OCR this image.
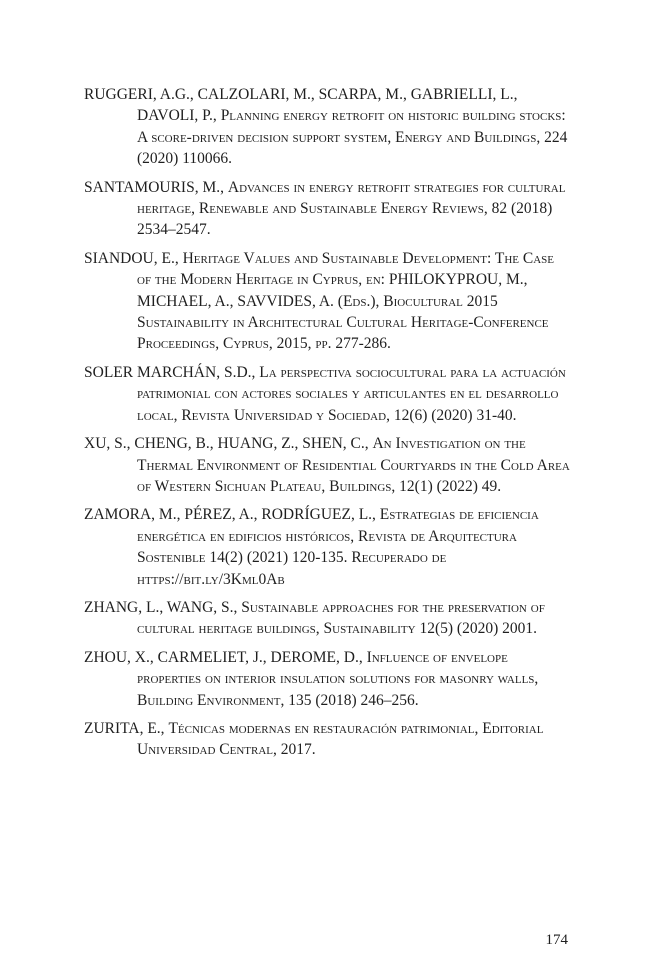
RUGGERI, A.G., CALZOLARI, M., SCARPA, M., GABRIELLI, L., DAVOLI, P., Planning energy retrofit on historic building stocks: A score-driven decision support system, Energy and Buildings, 224 (2020) 110066.

SANTAMOURIS, M., Advances in energy retrofit strategies for cultural heritage, Renewable and Sustainable Energy Reviews, 82 (2018) 2534–2547.

SIANDOU, E., Heritage Values and Sustainable Development: The Case of the Modern Heritage in Cyprus, en: PHILOKYPROU, M., MICHAEL, A., SAVVIDES, A. (Eds.), Biocultural 2015 Sustainability in Architectural Cultural Heritage-Conference Proceedings, Cyprus, 2015, pp. 277-286.

SOLER MARCHÁN, S.D., La perspectiva sociocultural para la actuación patrimonial con actores sociales y articulantes en el desarrollo local, Revista Universidad y Sociedad, 12(6) (2020) 31-40.

XU, S., CHENG, B., HUANG, Z., SHEN, C., An Investigation on the Thermal Environment of Residential Courtyards in the Cold Area of Western Sichuan Plateau, Buildings, 12(1) (2022) 49.

ZAMORA, M., PÉREZ, A., RODRÍGUEZ, L., Estrategias de eficiencia energética en edificios históricos, Revista de Arquitectura Sostenible 14(2) (2021) 120-135. Recuperado de https://bit.ly/3Kml0Ab

ZHANG, L., WANG, S., Sustainable approaches for the preservation of cultural heritage buildings, Sustainability 12(5) (2020) 2001.

ZHOU, X., CARMELIET, J., DEROME, D., Influence of envelope properties on interior insulation solutions for masonry walls, Building Environment, 135 (2018) 246–256.

ZURITA, E., Técnicas modernas en restauración patrimonial, Editorial Universidad Central, 2017.

174
